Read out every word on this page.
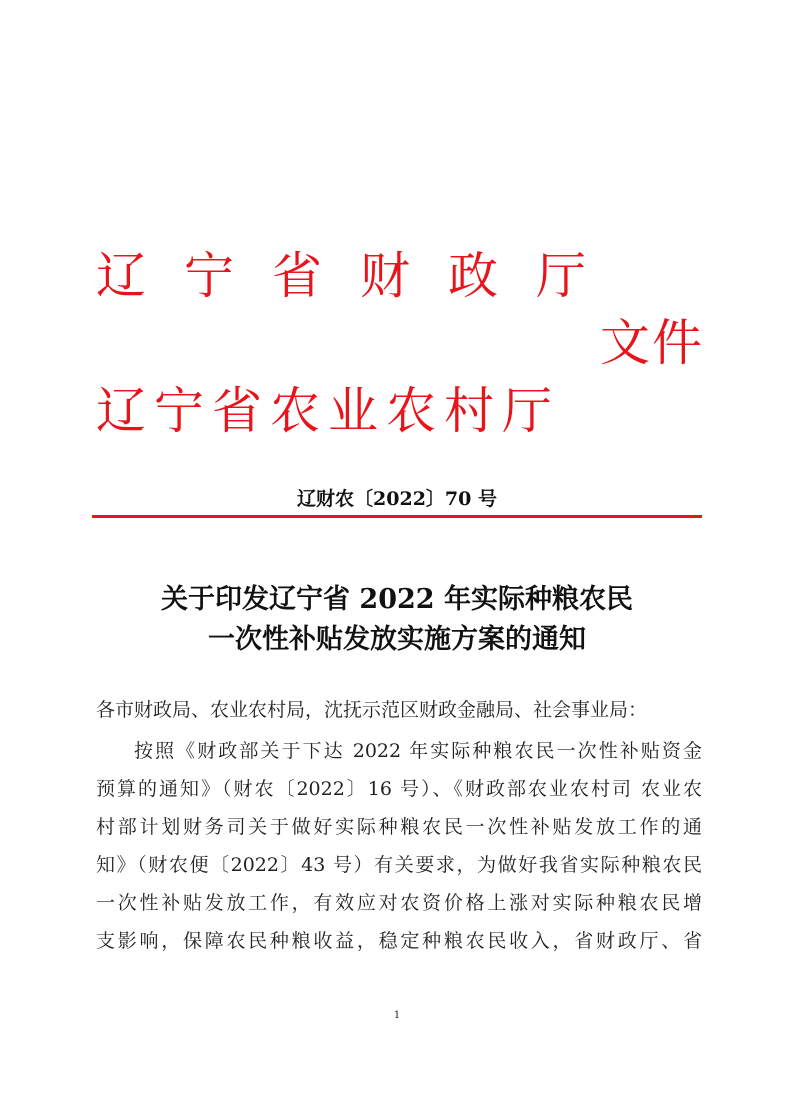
辽宁省财政厅
文件
辽宁省农业农村厅
辽财农〔2022〕70 号
关于印发辽宁省 2022 年实际种粮农民
一次性补贴发放实施方案的通知
各市财政局、农业农村局，沈抚示范区财政金融局、社会事业局：
按照《财政部关于下达 2022 年实际种粮农民一次性补贴资金
预算的通知》（财农〔2022〕16 号）、《财政部农业农村司 农业农
村部计划财务司关于做好实际种粮农民一次性补贴发放工作的通
知》（财农便〔2022〕43 号）有关要求，为做好我省实际种粮农民
一次性补贴发放工作，有效应对农资价格上涨对实际种粮农民增
支影响，保障农民种粮收益，稳定种粮农民收入，省财政厅、省
1
